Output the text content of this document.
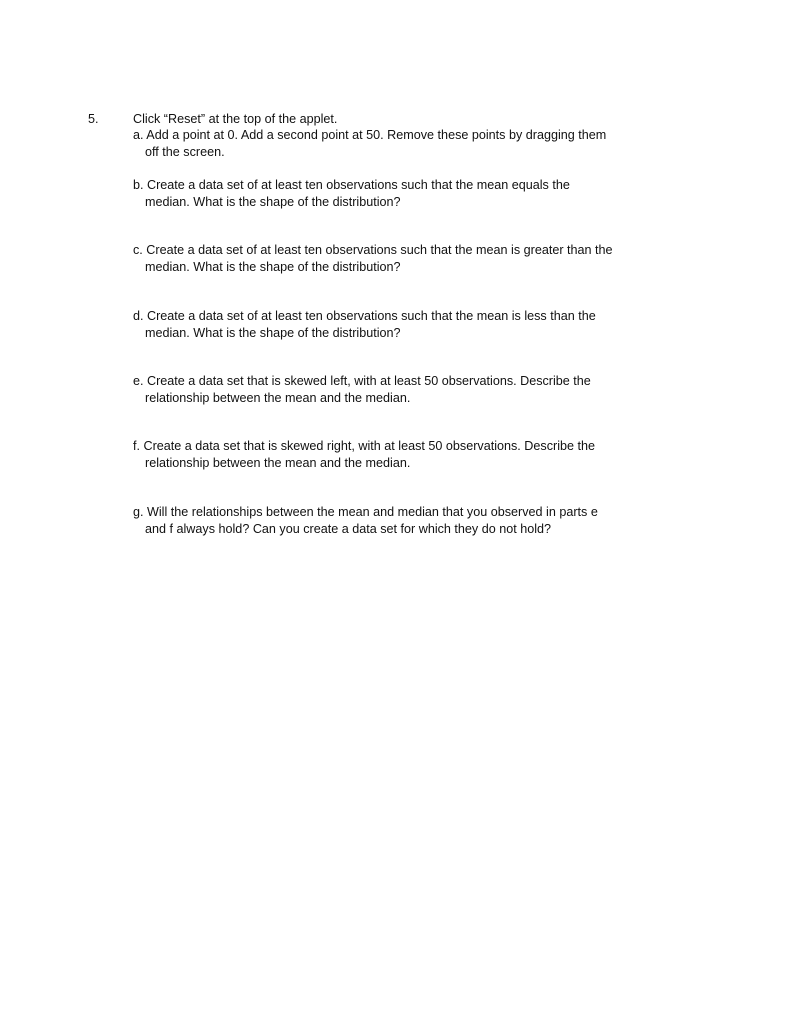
5.	Click “Reset” at the top of the applet.
a. Add a point at 0. Add a second point at 50. Remove these points by dragging them
off the screen.
b. Create a data set of at least ten observations such that the mean equals the
median. What is the shape of the distribution?
c. Create a data set of at least ten observations such that the mean is greater than the
median. What is the shape of the distribution?
d. Create a data set of at least ten observations such that the mean is less than the
median. What is the shape of the distribution?
e. Create a data set that is skewed left, with at least 50 observations. Describe the
relationship between the mean and the median.
f. Create a data set that is skewed right, with at least 50 observations. Describe the
relationship between the mean and the median.
g. Will the relationships between the mean and median that you observed in parts e
and f always hold? Can you create a data set for which they do not hold?
